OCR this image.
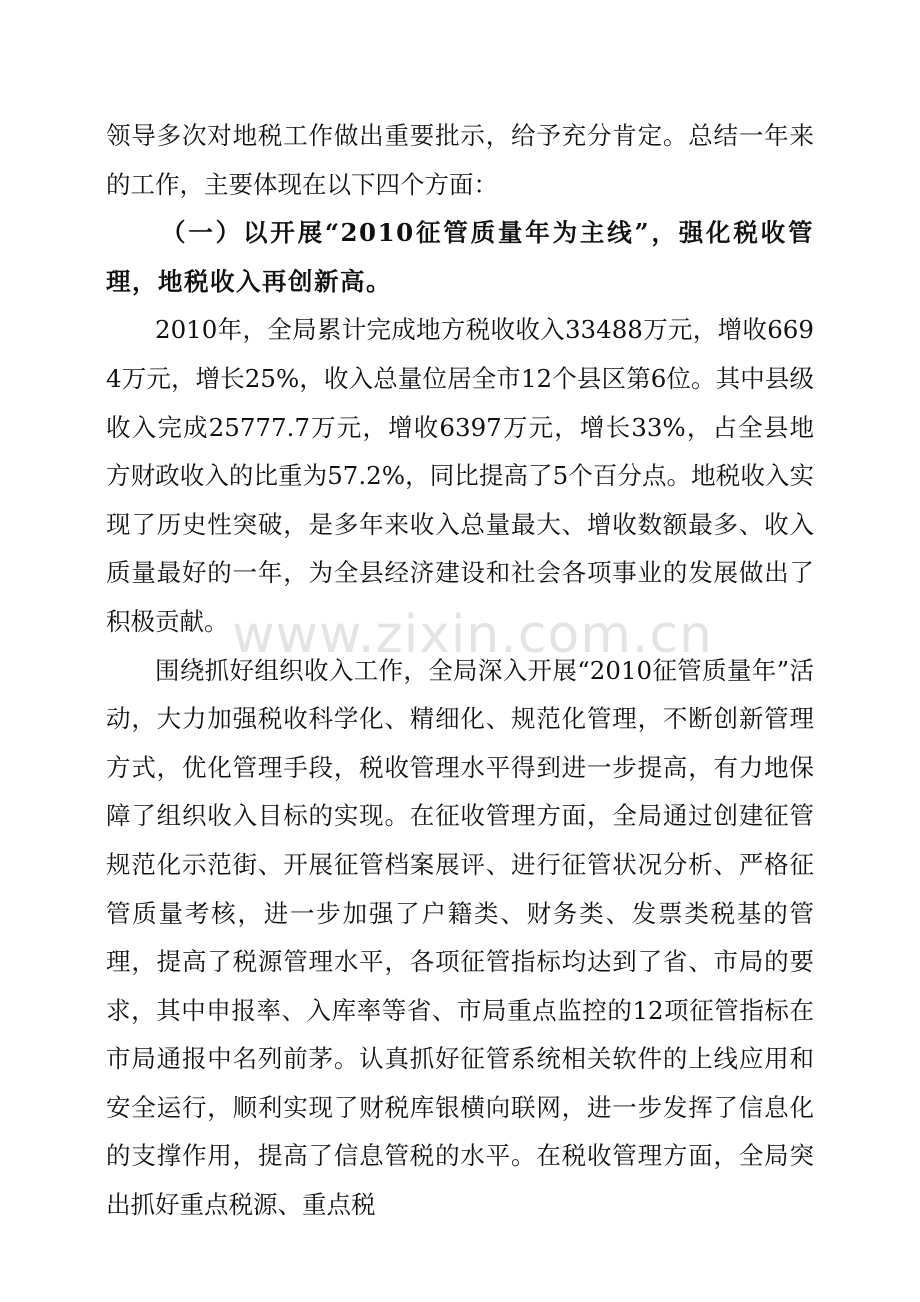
领导多次对地税工作做出重要批示，给予充分肯定。总结一年来的工作，主要体现在以下四个方面：

（一）以开展“2010征管质量年为主线”，强化税收管理，地税收入再创新高。

2010年，全局累计完成地方税收收入33488万元，增收6694万元，增长25%，收入总量位居全市12个县区第6位。其中县级收入完成25777.7万元，增收6397万元，增长33%，占全县地方财政收入的比重为57.2%，同比提高了5个百分点。地税收入实现了历史性突破，是多年来收入总量最大、增收数额最多、收入质量最好的一年，为全县经济建设和社会各项事业的发展做出了积极贡献。

围绕抓好组织收入工作，全局深入开展“2010征管质量年”活动，大力加强税收科学化、精细化、规范化管理，不断创新管理方式，优化管理手段，税收管理水平得到进一步提高，有力地保障了组织收入目标的实现。在征收管理方面，全局通过创建征管规范化示范街、开展征管档案展评、进行征管状况分析、严格征管质量考核，进一步加强了户籍类、财务类、发票类税基的管理，提高了税源管理水平，各项征管指标均达到了省、市局的要求，其中申报率、入库率等省、市局重点监控的12项征管指标在市局通报中名列前茅。认真抓好征管系统相关软件的上线应用和安全运行，顺利实现了财税库银横向联网，进一步发挥了信息化的支撑作用，提高了信息管税的水平。在税收管理方面，全局突出抓好重点税源、重点税

www.zixin.com.cn
